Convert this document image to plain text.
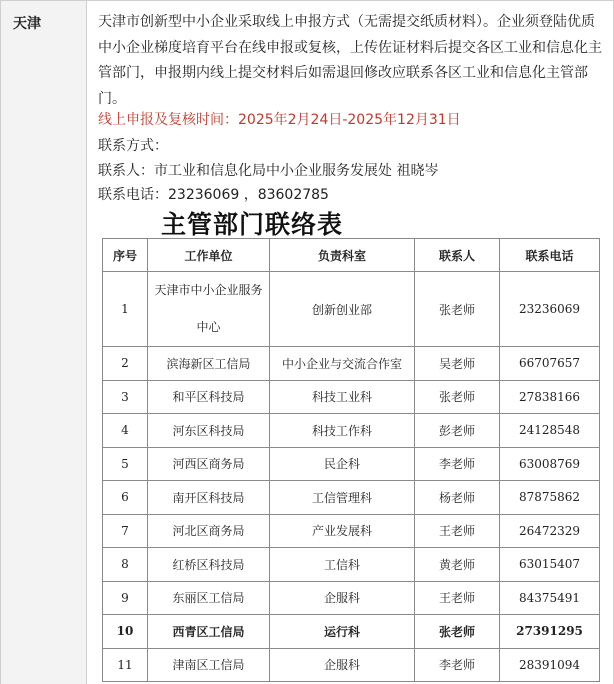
天津	天津市创新型中小企业采取线上申报方式（无需提交纸质材料）。企业须登陆优质中小企业梯度培育平台在线申报或复核，上传佐证材料后提交各区工业和信息化主管部门，申报期内线上提交材料后如需退回修改应联系各区工业和信息化主管部门。
线上申报及复核时间：2025年2月24日-2025年12月31日
联系方式：
联系人：市工业和信息化局中小企业服务发展处 祖晓岑
联系电话：23236069 ，83602785
主管部门联络表
序号	工作单位	负责科室	联系人	联系电话
1	天津市中小企业服务中心	创新创业部	张老师	23236069
2	滨海新区工信局	中小企业与交流合作室	吴老师	66707657
3	和平区科技局	科技工业科	张老师	27838166
4	河东区科技局	科技工作科	彭老师	24128548
5	河西区商务局	民企科	李老师	63008769
6	南开区科技局	工信管理科	杨老师	87875862
7	河北区商务局	产业发展科	王老师	26472329
8	红桥区科技局	工信科	黄老师	63015407
9	东丽区工信局	企服科	王老师	84375491
10	西青区工信局	运行科	张老师	27391295
11	津南区工信局	企服科	李老师	28391094
